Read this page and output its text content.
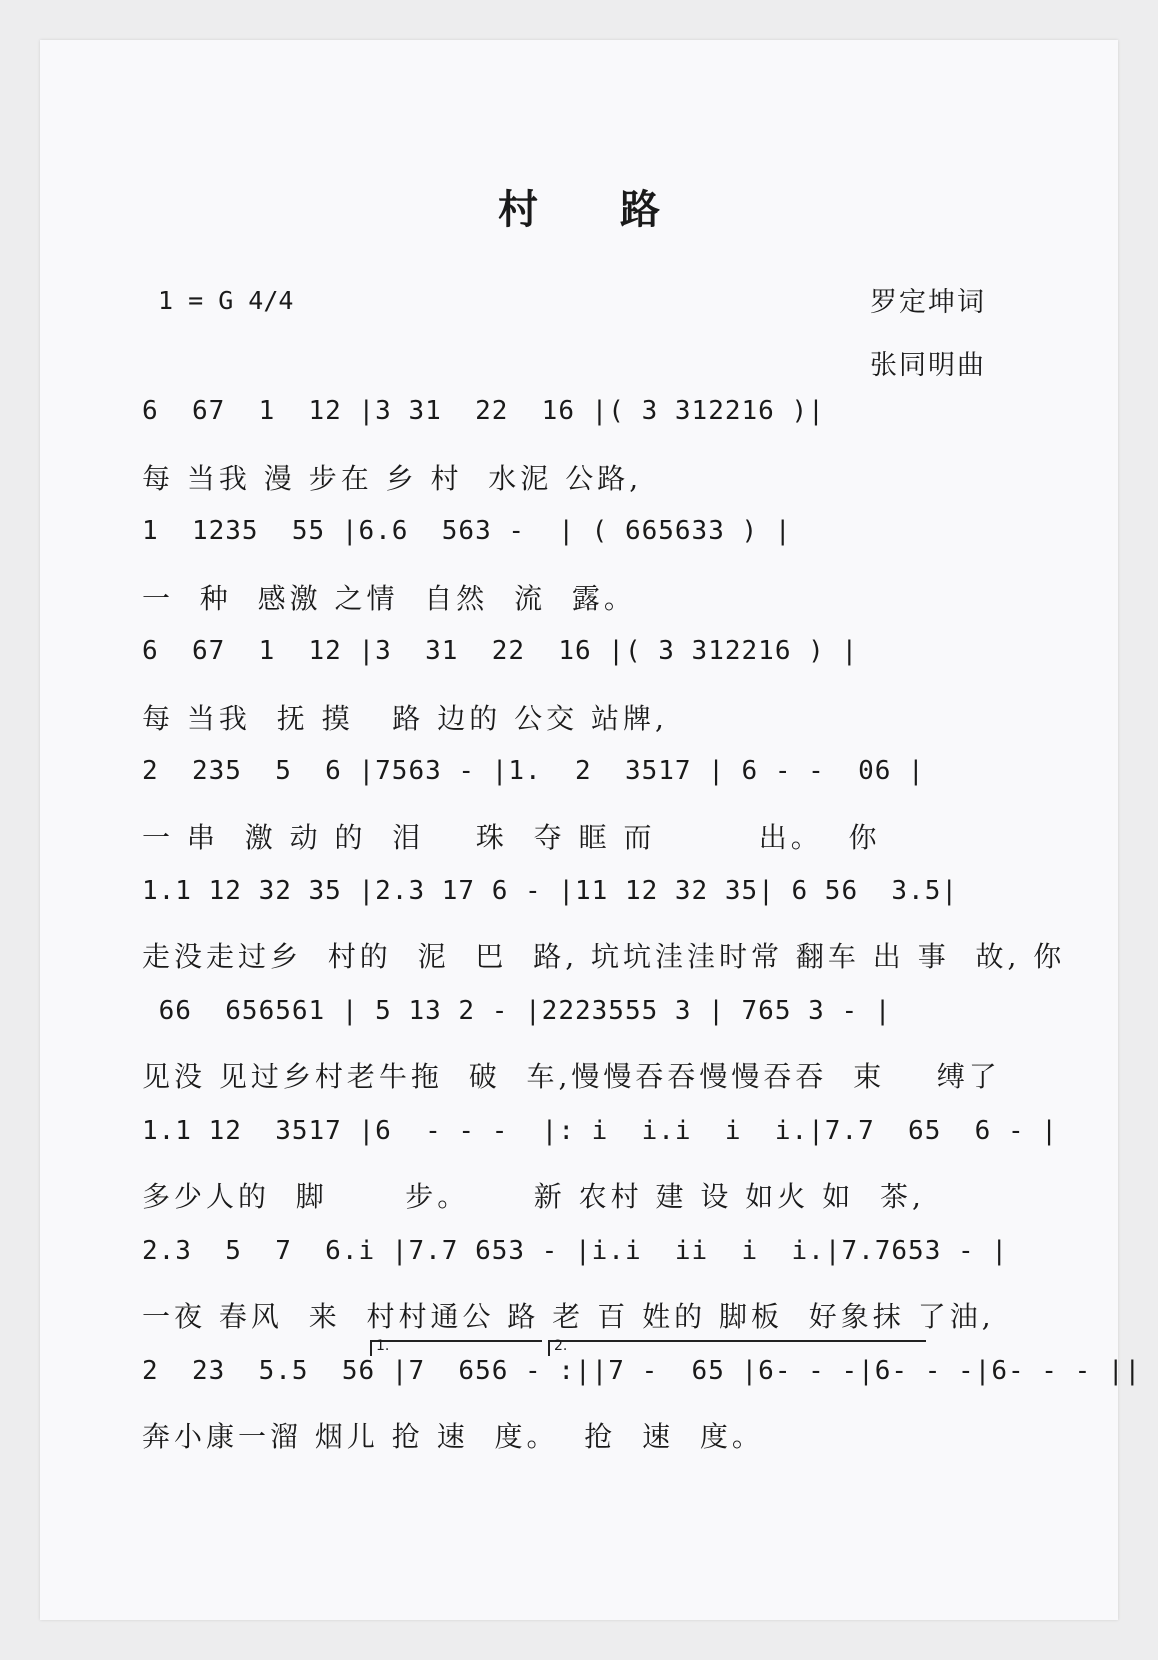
村 路
1 = G 4/4	罗定坤词
张同明曲
6  67  1  12 |3 31  22  16 |( 3 312216 )|
每 当我 漫 步在 乡 村  水泥 公路,
1  1235  55 |6.6  563 -  | ( 665633 ) |
一  种  感激 之情  自然  流  露。
6  67  1  12 |3  31  22  16 |( 3 312216 ) |
每 当我  抚 摸   路 边的 公交 站牌,
2  235  5  6 |7563 - |1.  2  3517 | 6 - -  06 |
一 串  激 动 的  泪    珠  夺 眶 而        出。  你
1.1 12 32 35 |2.3 17 6 - |11 12 32 35| 6 56  3.5|
走没走过乡  村的  泥  巴  路, 坑坑洼洼时常 翻车 出 事  故, 你
66  656561 | 5 13 2 - |2223555 3 | 765 3 - |
见没 见过乡村老牛拖  破  车,慢慢吞吞慢慢吞吞  束    缚了
1.1 12  3517 |6  - - -  |: i  i.i  i  i.|7.7  65  6 - |
多少人的  脚      步。     新 农村 建 设 如火 如  茶,
2.3  5  7  6.i |7.7 653 - |i.i  ii  i  i.|7.7653 - |
一夜 春风  来  村村通公 路 老 百 姓的 脚板  好象抹 了油,
1.	2.
2  23  5.5  56 |7  656 - :||7 -  65 |6- - -|6- - -|6- - - ||
奔小康一溜 烟儿 抢 速  度。  抢  速  度。
